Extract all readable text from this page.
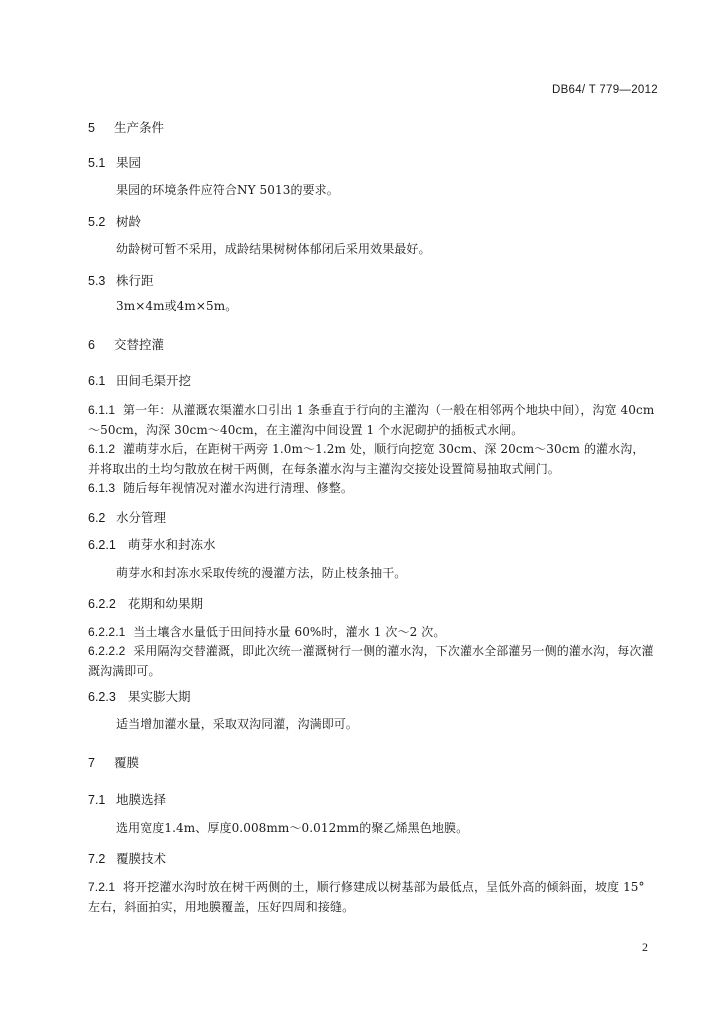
DB64/ T 779—2012
5 生产条件
5.1 果园
果园的环境条件应符合NY 5013的要求。
5.2 树龄
幼龄树可暂不采用，成龄结果树树体郁闭后采用效果最好。
5.3 株行距
3m×4m或4m×5m。
6 交替控灌
6.1 田间毛渠开挖
6.1.1 第一年：从灌溉农渠灌水口引出 1 条垂直于行向的主灌沟（一般在相邻两个地块中间），沟宽 40cm～50cm，沟深 30cm～40cm，在主灌沟中间设置 1 个水泥砌护的插板式水闸。
6.1.2 灌萌芽水后，在距树干两旁 1.0m～1.2m 处，顺行向挖宽 30cm、深 20cm～30cm 的灌水沟，并将取出的土均匀散放在树干两侧，在每条灌水沟与主灌沟交接处设置简易抽取式闸门。
6.1.3 随后每年视情况对灌水沟进行清理、修整。
6.2 水分管理
6.2.1 萌芽水和封冻水
萌芽水和封冻水采取传统的漫灌方法，防止枝条抽干。
6.2.2 花期和幼果期
6.2.2.1 当土壤含水量低于田间持水量 60%时，灌水 1 次～2 次。
6.2.2.2 采用隔沟交替灌溉，即此次统一灌溉树行一侧的灌水沟，下次灌水全部灌另一侧的灌水沟，每次灌溉沟满即可。
6.2.3 果实膨大期
适当增加灌水量，采取双沟同灌，沟满即可。
7 覆膜
7.1 地膜选择
选用宽度1.4m、厚度0.008mm～0.012mm的聚乙烯黑色地膜。
7.2 覆膜技术
7.2.1 将开挖灌水沟时放在树干两侧的土，顺行修建成以树基部为最低点，呈低外高的倾斜面，坡度 15° 左右，斜面拍实，用地膜覆盖，压好四周和接缝。
2
